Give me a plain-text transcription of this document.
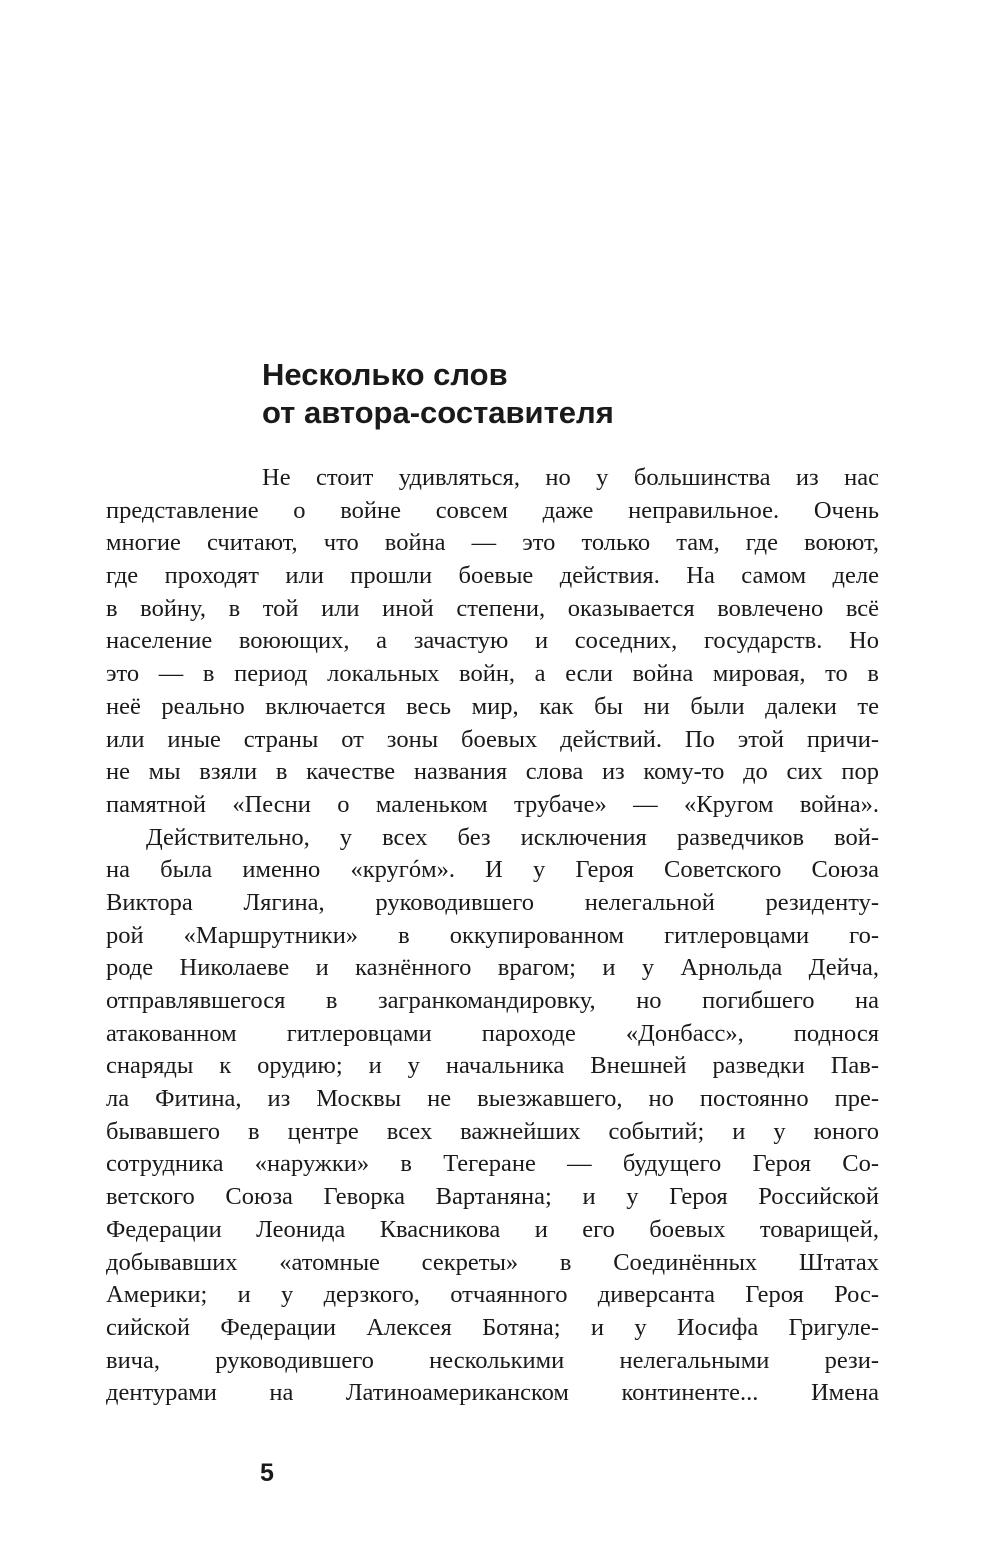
Несколько слов
от автора-составителя
Не стоит удивляться, но у большинства из нас
представление о войне совсем даже неправильное. Очень
многие считают, что война — это только там, где воюют,
где проходят или прошли боевые действия. На самом деле
в войну, в той или иной степени, оказывается вовлечено всё
население воюющих, а зачастую и соседних, государств. Но
это — в период локальных войн, а если война мировая, то в
неё реально включается весь мир, как бы ни были далеки те
или иные страны от зоны боевых действий. По этой причи-
не мы взяли в качестве названия слова из кому-то до сих пор
памятной «Песни о маленьком трубаче» — «Кругом война».
Действительно, у всех без исключения разведчиков вой-
на была именно «кругóм». И у Героя Советского Союза
Виктора Лягина, руководившего нелегальной резиденту-
рой «Маршрутники» в оккупированном гитлеровцами го-
роде Николаеве и казнённого врагом; и у Арнольда Дейча,
отправлявшегося в загранкомандировку, но погибшего на
атакованном гитлеровцами пароходе «Донбасс», поднося
снаряды к орудию; и у начальника Внешней разведки Пав-
ла Фитина, из Москвы не выезжавшего, но постоянно пре-
бывавшего в центре всех важнейших событий; и у юного
сотрудника «наружки» в Тегеране — будущего Героя Со-
ветского Союза Геворка Вартаняна; и у Героя Российской
Федерации Леонида Квасникова и его боевых товарищей,
добывавших «атомные секреты» в Соединённых Штатах
Америки; и у дерзкого, отчаянного диверсанта Героя Рос-
сийской Федерации Алексея Ботяна; и у Иосифа Григуле-
вича, руководившего несколькими нелегальными рези-
дентурами на Латиноамериканском континенте... Имена
5
